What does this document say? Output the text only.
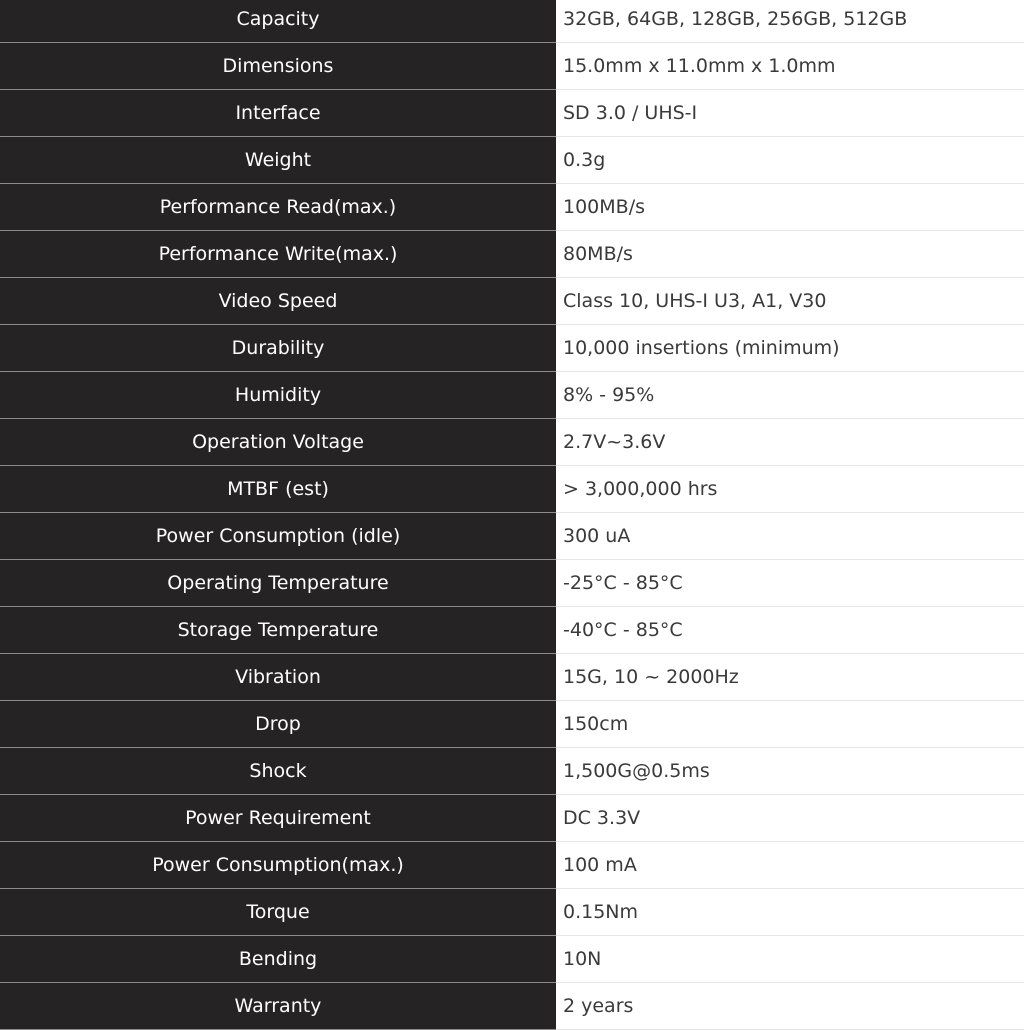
Capacity	32GB, 64GB, 128GB, 256GB, 512GB
Dimensions	15.0mm x 11.0mm x 1.0mm
Interface	SD 3.0 / UHS-I
Weight	0.3g
Performance Read(max.)	100MB/s
Performance Write(max.)	80MB/s
Video Speed	Class 10, UHS-I U3, A1, V30
Durability	10,000 insertions (minimum)
Humidity	8% - 95%
Operation Voltage	2.7V~3.6V
MTBF (est)	> 3,000,000 hrs
Power Consumption (idle)	300 uA
Operating Temperature	-25°C - 85°C
Storage Temperature	-40°C - 85°C
Vibration	15G, 10 ~ 2000Hz
Drop	150cm
Shock	1,500G@0.5ms
Power Requirement	DC 3.3V
Power Consumption(max.)	100 mA
Torque	0.15Nm
Bending	10N
Warranty	2 years
